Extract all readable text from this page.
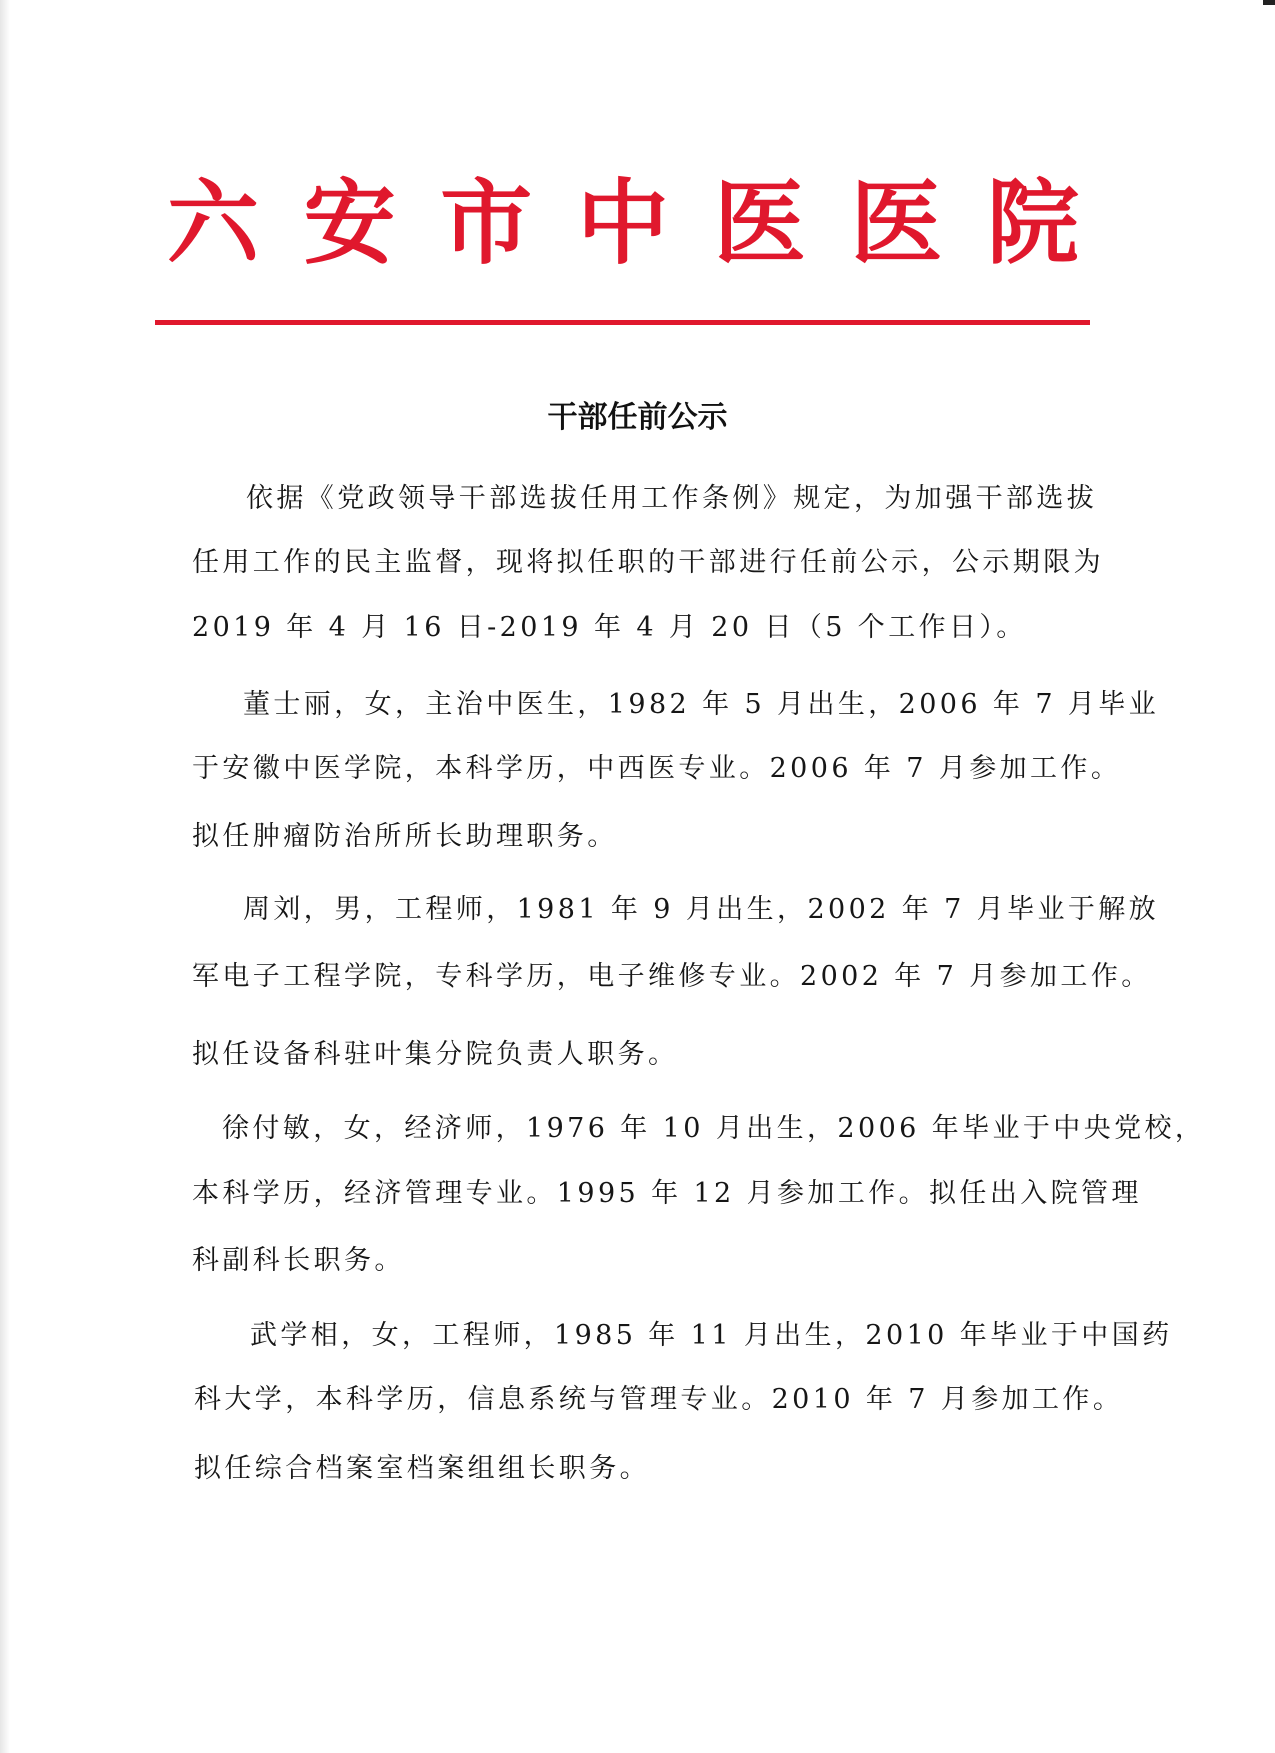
六 安 市 中 医 医 院
干部任前公示
依据《党政领导干部选拔任用工作条例》规定，为加强干部选拔
任用工作的民主监督，现将拟任职的干部进行任前公示，公示期限为
2019 年 4 月 16 日-2019 年 4 月 20 日（5 个工作日）。
董士丽，女，主治中医生，1982 年 5 月出生，2006 年 7 月毕业
于安徽中医学院，本科学历，中西医专业。2006 年 7 月参加工作。
拟任肿瘤防治所所长助理职务。
周刘，男，工程师，1981 年 9 月出生，2002 年 7 月毕业于解放
军电子工程学院，专科学历，电子维修专业。2002 年 7 月参加工作。
拟任设备科驻叶集分院负责人职务。
徐付敏，女，经济师，1976 年 10 月出生，2006 年毕业于中央党校，
本科学历，经济管理专业。1995 年 12 月参加工作。拟任出入院管理
科副科长职务。
武学相，女，工程师，1985 年 11 月出生，2010 年毕业于中国药
科大学，本科学历，信息系统与管理专业。2010 年 7 月参加工作。
拟任综合档案室档案组组长职务。
